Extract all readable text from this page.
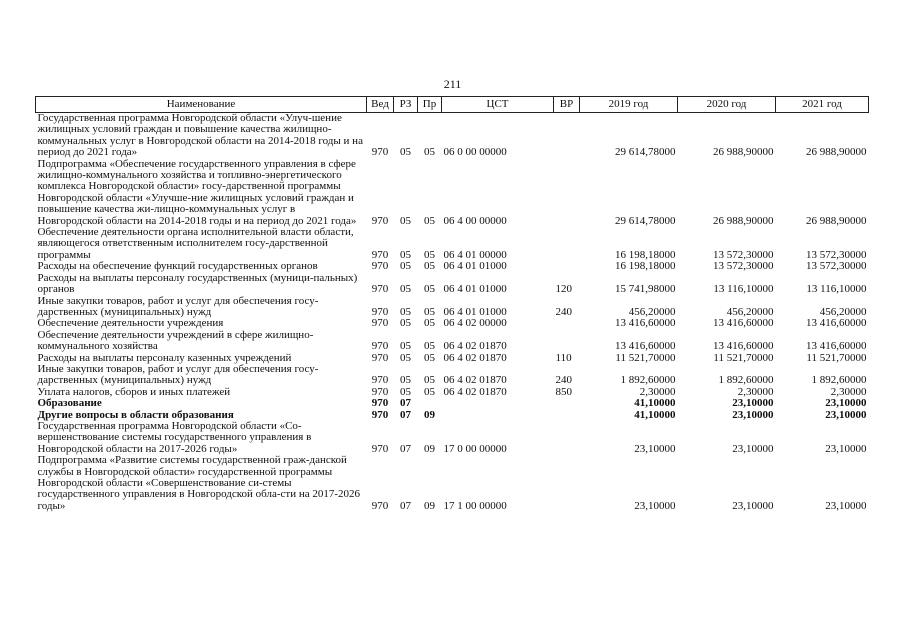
211
Наименование	Вед	РЗ	Пр	ЦСТ	ВР	2019 год	2020 год	2021 год
Государственная программа Новгородской области «Улуч-шение жилищных условий граждан и повышение качества жилищно-коммунальных услуг в Новгородской области на 2014-2018 годы и на период до 2021 года»	970	05	05	06 0 00 00000		29 614,78000	26 988,90000	26 988,90000
Подпрограмма «Обеспечение государственного управления в сфере жилищно-коммунального хозяйства и топливно-энергетического комплекса Новгородской области» госу-дарственной программы Новгородской области «Улучше-ние жилищных условий граждан и повышение качества жи-лищно-коммунальных услуг в Новгородской области на 2014-2018 годы и на период до 2021 года»	970	05	05	06 4 00 00000		29 614,78000	26 988,90000	26 988,90000
Обеспечение деятельности органа исполнительной власти области, являющегося ответственным исполнителем госу-дарственной программы	970	05	05	06 4 01 00000		16 198,18000	13 572,30000	13 572,30000
Расходы на обеспечение функций государственных органов	970	05	05	06 4 01 01000		16 198,18000	13 572,30000	13 572,30000
Расходы на выплаты персоналу государственных (муници-пальных) органов	970	05	05	06 4 01 01000	120	15 741,98000	13 116,10000	13 116,10000
Иные закупки товаров, работ и услуг для обеспечения госу-дарственных (муниципальных) нужд	970	05	05	06 4 01 01000	240	456,20000	456,20000	456,20000
Обеспечение деятельности учреждения	970	05	05	06 4 02 00000		13 416,60000	13 416,60000	13 416,60000
Обеспечение деятельности учреждений в сфере жилищно-коммунального хозяйства	970	05	05	06 4 02 01870		13 416,60000	13 416,60000	13 416,60000
Расходы на выплаты персоналу казенных учреждений	970	05	05	06 4 02 01870	110	11 521,70000	11 521,70000	11 521,70000
Иные закупки товаров, работ и услуг для обеспечения госу-дарственных (муниципальных) нужд	970	05	05	06 4 02 01870	240	1 892,60000	1 892,60000	1 892,60000
Уплата налогов, сборов и иных платежей	970	05	05	06 4 02 01870	850	2,30000	2,30000	2,30000
Образование	970	07				41,10000	23,10000	23,10000
Другие вопросы в области образования	970	07	09			41,10000	23,10000	23,10000
Государственная программа Новгородской области «Со-вершенствование системы государственного управления в Новгородской области на 2017-2026 годы»	970	07	09	17 0 00 00000		23,10000	23,10000	23,10000
Подпрограмма «Развитие системы государственной граж-данской службы в Новгородской области» государственной программы Новгородской области «Совершенствование си-стемы государственного управления в Новгородской обла-сти на 2017-2026 годы»	970	07	09	17 1 00 00000		23,10000	23,10000	23,10000
